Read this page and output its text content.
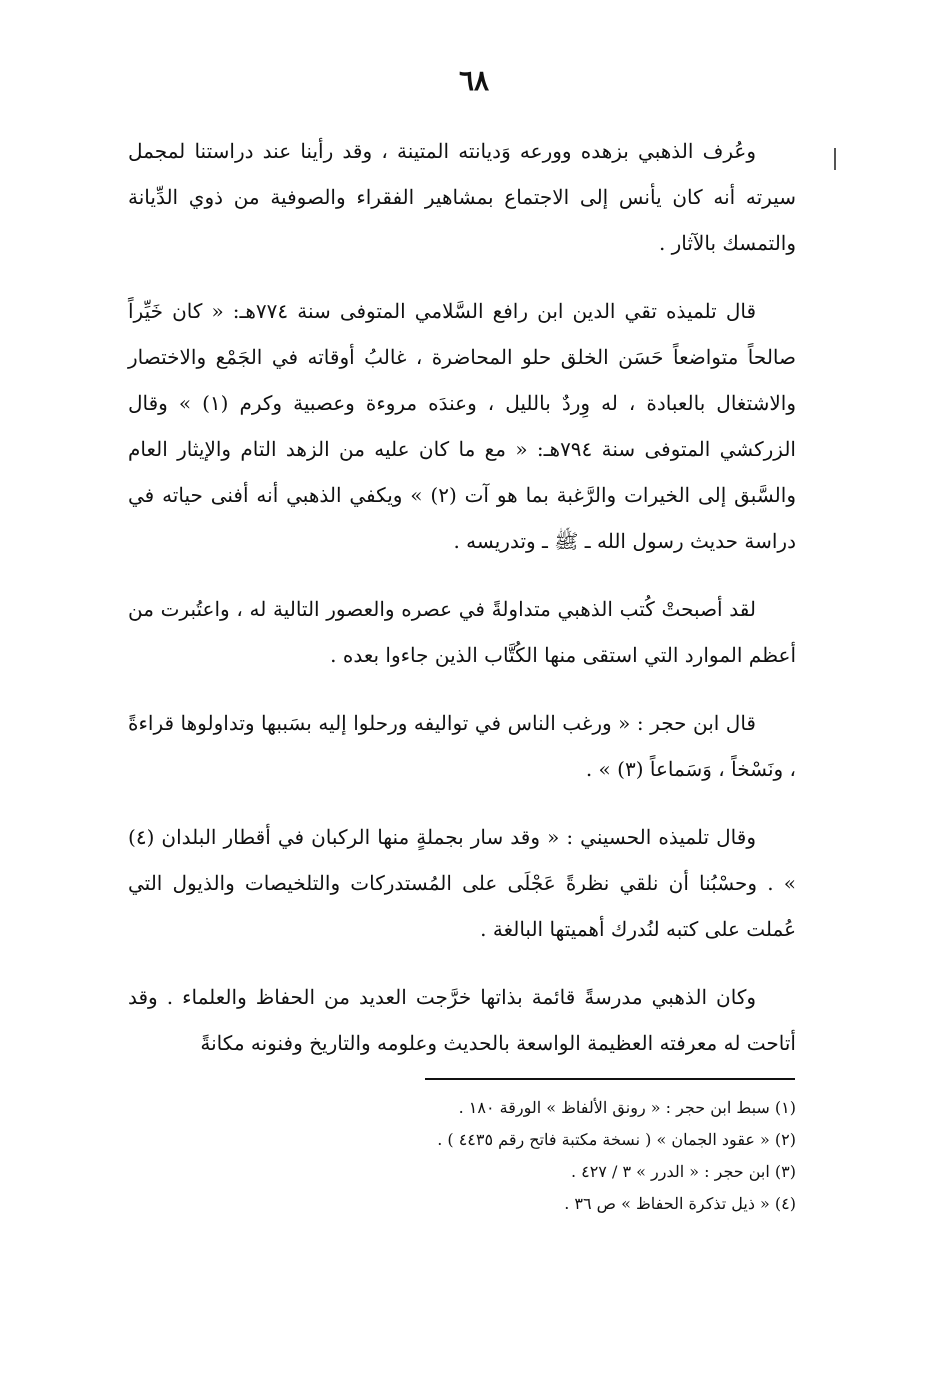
٦٨

وعُرف الذهبي بزهده وورعه وَديانته المتينة ، وقد رأينا عند دراستنا لمجمل سيرته أنه كان يأنس إلى الاجتماع بمشاهير الفقراء والصوفية من ذوي الدِّيانة والتمسك بالآثار .

قال تلميذه تقي الدين ابن رافع السَّلامي المتوفى سنة ٧٧٤هـ: « كان خَيِّراً صالحاً متواضعاً حَسَن الخلق حلو المحاضرة ، غالبُ أوقاته في الجَمْع والاختصار والاشتغال بالعبادة ، له وِردٌ بالليل ، وعندَه مروءة وعصبية وكرم (١) » وقال الزركشي المتوفى سنة ٧٩٤هـ: « مع ما كان عليه من الزهد التام والإيثار العام والسَّبق إلى الخيرات والرَّغبة بما هو آت (٢) » ويكفي الذهبي أنه أفنى حياته في دراسة حديث رسول الله ـ ﷺ ـ وتدريسه .

لقد أصبحتْ كُتب الذهبي متداولةً في عصره والعصور التالية له ، واعتُبرت من أعظم الموارد التي استقى منها الكُتَّاب الذين جاءوا بعده .

قال ابن حجر : « ورغب الناس في تواليفه ورحلوا إليه بسَببها وتداولوها قراءةً ، ونَسْخاً ، وَسَماعاً (٣) » .

وقال تلميذه الحسيني : « وقد سار بجملةٍ منها الركبان في أقطار البلدان (٤) » . وحسْبُنا أن نلقي نظرةً عَجْلَى على المُستدركات والتلخيصات والذيول التي عُملت على كتبه لنُدرك أهميتها البالغة .

وكان الذهبي مدرسةً قائمة بذاتها خرَّجت العديد من الحفاظ والعلماء . وقد أتاحت له معرفته العظيمة الواسعة بالحديث وعلومه والتاريخ وفنونه مكانةً

(١) سبط ابن حجر : « رونق الألفاظ » الورقة ١٨٠ .

(٢) « عقود الجمان » ( نسخة مكتبة فاتح رقم ٤٤٣٥ ) .

(٣) ابن حجر : « الدرر » ٣ / ٤٢٧ .

(٤) « ذيل تذكرة الحفاظ » ص ٣٦ .
